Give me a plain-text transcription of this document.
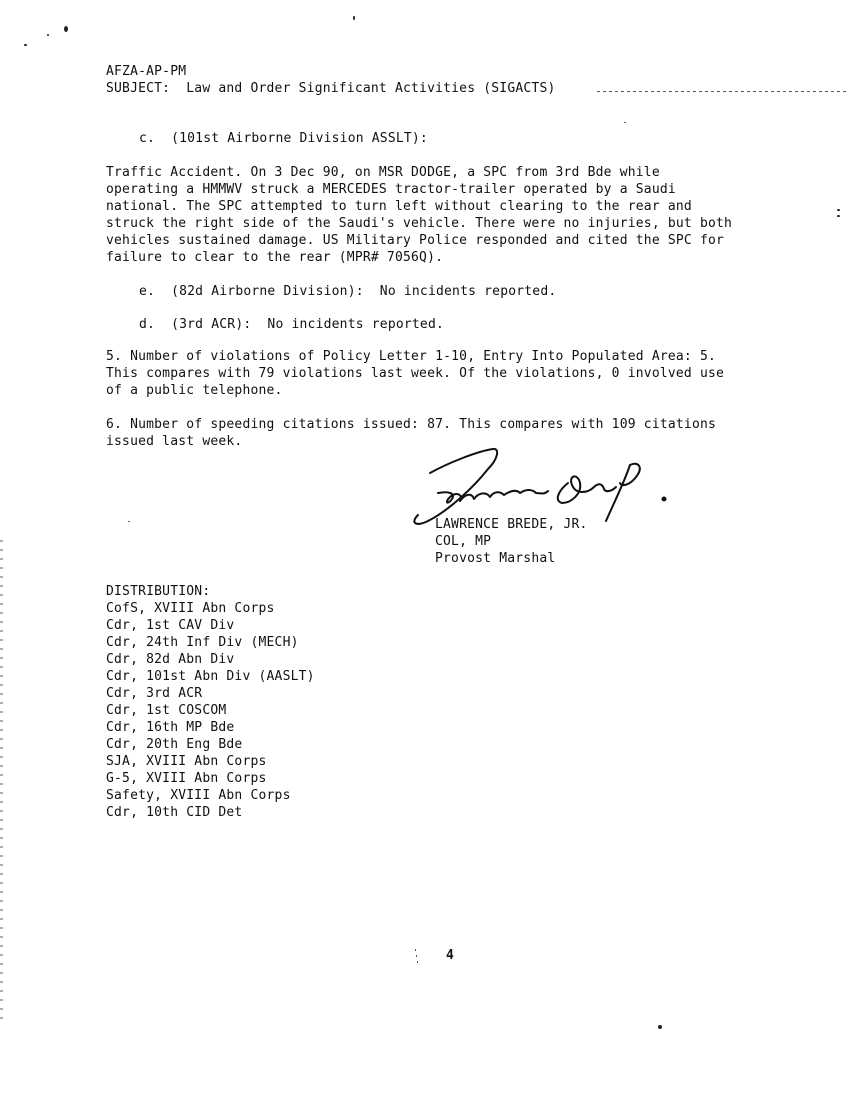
AFZA-AP-PM
SUBJECT:  Law and Order Significant Activities (SIGACTS)
c.  (101st Airborne Division ASSLT):
Traffic Accident. On 3 Dec 90, on MSR DODGE, a SPC from 3rd Bde while
operating a HMMWV struck a MERCEDES tractor-trailer operated by a Saudi
national. The SPC attempted to turn left without clearing to the rear and
struck the right side of the Saudi's vehicle. There were no injuries, but both
vehicles sustained damage. US Military Police responded and cited the SPC for
failure to clear to the rear (MPR# 7056Q).
e.  (82d Airborne Division):  No incidents reported.
d.  (3rd ACR):  No incidents reported.
5. Number of violations of Policy Letter 1-10, Entry Into Populated Area: 5.
This compares with 79 violations last week. Of the violations, 0 involved use
of a public telephone.
6. Number of speeding citations issued: 87. This compares with 109 citations
issued last week.
LAWRENCE BREDE, JR.
COL, MP
Provost Marshal
DISTRIBUTION:
CofS, XVIII Abn Corps
Cdr, 1st CAV Div
Cdr, 24th Inf Div (MECH)
Cdr, 82d Abn Div
Cdr, 101st Abn Div (AASLT)
Cdr, 3rd ACR
Cdr, 1st COSCOM
Cdr, 16th MP Bde
Cdr, 20th Eng Bde
SJA, XVIII Abn Corps
G-5, XVIII Abn Corps
Safety, XVIII Abn Corps
Cdr, 10th CID Det
4
